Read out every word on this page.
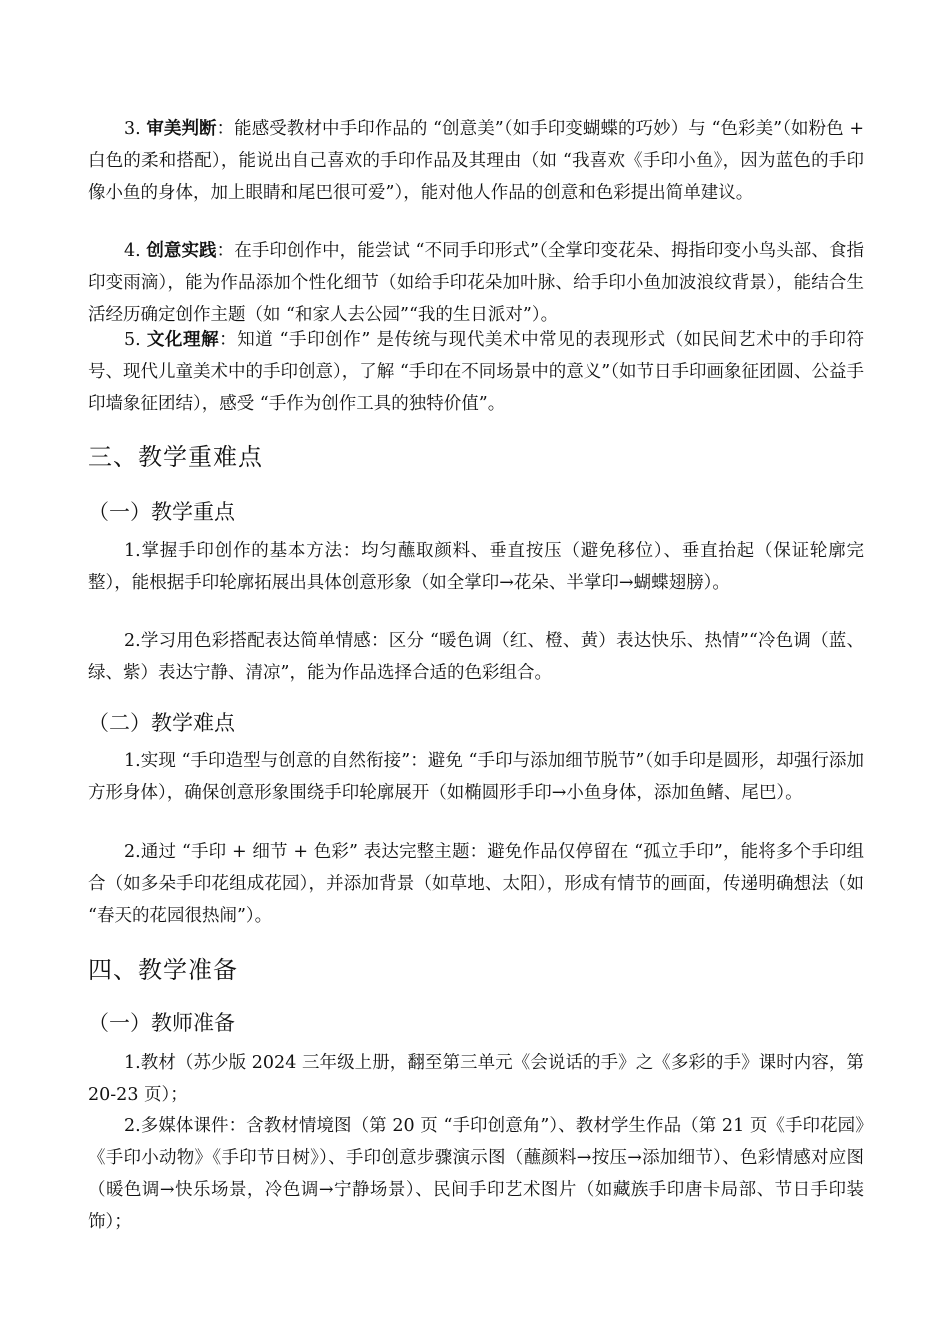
3. 审美判断：能感受教材中手印作品的 “创意美”（如手印变蝴蝶的巧妙）与 “色彩美”（如粉色 + 白色的柔和搭配），能说出自己喜欢的手印作品及其理由（如 “我喜欢《手印小鱼》，因为蓝色的手印像小鱼的身体，加上眼睛和尾巴很可爱”），能对他人作品的创意和色彩提出简单建议。

4. 创意实践：在手印创作中，能尝试 “不同手印形式”（全掌印变花朵、拇指印变小鸟头部、食指印变雨滴），能为作品添加个性化细节（如给手印花朵加叶脉、给手印小鱼加波浪纹背景），能结合生活经历确定创作主题（如 “和家人去公园”“我的生日派对”）。

5. 文化理解：知道 “手印创作” 是传统与现代美术中常见的表现形式（如民间艺术中的手印符号、现代儿童美术中的手印创意），了解 “手印在不同场景中的意义”（如节日手印画象征团圆、公益手印墙象征团结），感受 “手作为创作工具的独特价值”。

三、教学重难点
（一）教学重点

1.掌握手印创作的基本方法：均匀蘸取颜料、垂直按压（避免移位）、垂直抬起（保证轮廓完整），能根据手印轮廓拓展出具体创意形象（如全掌印→花朵、半掌印→蝴蝶翅膀）。

2.学习用色彩搭配表达简单情感：区分 “暖色调（红、橙、黄）表达快乐、热情”“冷色调（蓝、绿、紫）表达宁静、清凉”，能为作品选择合适的色彩组合。

（二）教学难点

1.实现 “手印造型与创意的自然衔接”：避免 “手印与添加细节脱节”（如手印是圆形，却强行添加方形身体），确保创意形象围绕手印轮廓展开（如椭圆形手印→小鱼身体，添加鱼鳍、尾巴）。

2.通过 “手印 + 细节 + 色彩” 表达完整主题：避免作品仅停留在 “孤立手印”，能将多个手印组合（如多朵手印花组成花园），并添加背景（如草地、太阳），形成有情节的画面，传递明确想法（如 “春天的花园很热闹”）。

四、教学准备
（一）教师准备

1.教材（苏少版 2024 三年级上册，翻至第三单元《会说话的手》之《多彩的手》课时内容，第 20-23 页）；

2.多媒体课件：含教材情境图（第 20 页 “手印创意角”）、教材学生作品（第 21 页《手印花园》《手印小动物》《手印节日树》）、手印创意步骤演示图（蘸颜料→按压→添加细节）、色彩情感对应图（暖色调→快乐场景，冷色调→宁静场景）、民间手印艺术图片（如藏族手印唐卡局部、节日手印装饰）；
